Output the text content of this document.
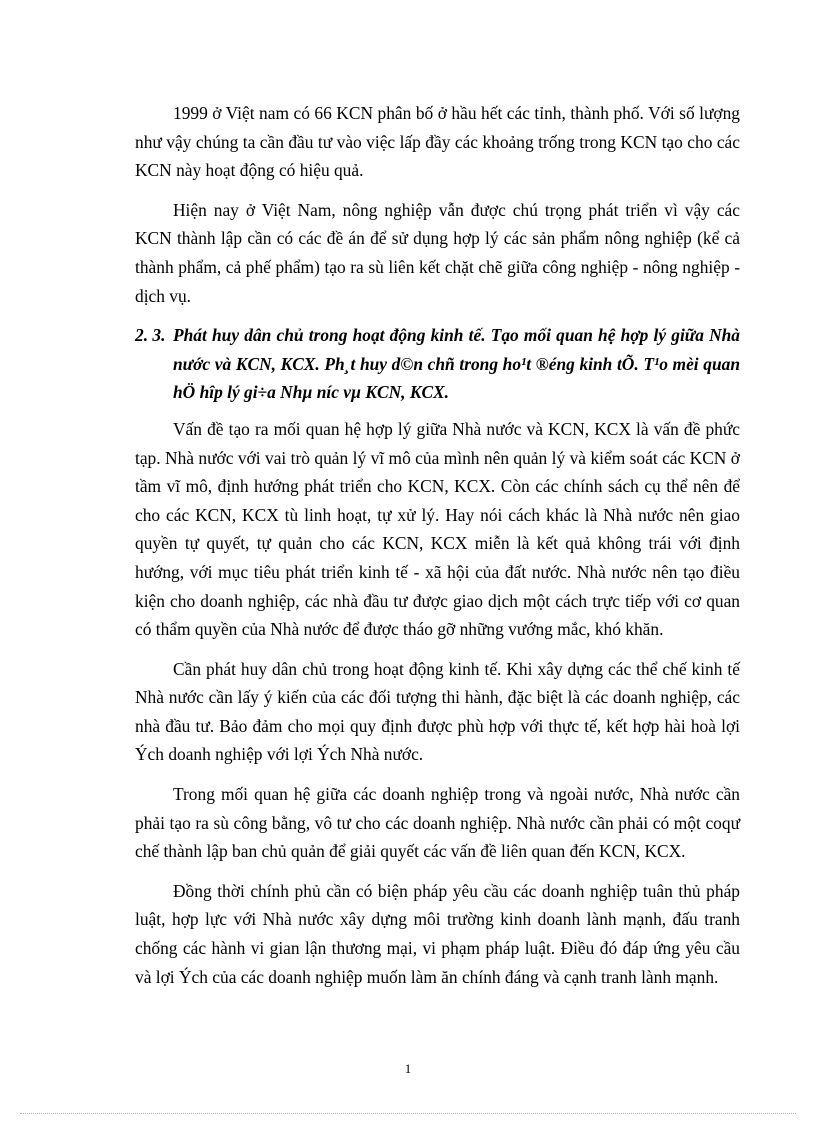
1999 ở Việt nam có 66 KCN phân bố ở hầu hết các tỉnh, thành phố. Với số lượng như vậy chúng ta cần đầu tư vào việc lấp đầy các khoảng trống trong KCN tạo cho các KCN này hoạt động có hiệu quả.

Hiện nay ở Việt Nam, nông nghiệp vẫn được chú trọng phát triển vì vậy các KCN thành lập cần có các đề án để sử dụng hợp lý các sản phẩm nông nghiệp (kể cả thành phẩm, cả phế phẩm) tạo ra sù liên kết chặt chẽ giữa công nghiệp - nông nghiệp - dịch vụ.

2. 3. Phát huy dân chủ trong hoạt động kinh tế. Tạo mối quan hệ hợp lý giữa Nhà nước và KCN, KCX. Ph¸t huy d©n chñ trong ho¹t ®éng kinh tÕ. T¹o mèi quan hÖ hîp lý gi÷a Nhµ níc vµ KCN, KCX.

Vấn đề tạo ra mối quan hệ hợp lý giữa Nhà nước và KCN, KCX là vấn đề phức tạp. Nhà nước với vai trò quản lý vĩ mô của mình nên quản lý và kiểm soát các KCN ở tầm vĩ mô, định hướng phát triển cho KCN, KCX. Còn các chính sách cụ thể nên để cho các KCN, KCX tù linh hoạt, tự xử lý. Hay nói cách khác là Nhà nước nên giao quyền tự quyết, tự quản cho các KCN, KCX miễn là kết quả không trái với định hướng, với mục tiêu phát triển kinh tế - xã hội của đất nước. Nhà nước nên tạo điều kiện cho doanh nghiệp, các nhà đầu tư được giao dịch một cách trực tiếp với cơ quan có thẩm quyền của Nhà nước để được tháo gỡ những vướng mắc, khó khăn.

Cần phát huy dân chủ trong hoạt động kinh tế. Khi xây dựng các thể chế kinh tế Nhà nước cần lấy ý kiến của các đối tượng thi hành, đặc biệt là các doanh nghiệp, các nhà đầu tư. Bảo đảm cho mọi quy định được phù hợp với thực tế, kết hợp hài hoà lợi Ých doanh nghiệp với lợi Ých Nhà nước.

Trong mối quan hệ giữa các doanh nghiệp trong và ngoài nước, Nhà nước cần phải tạo ra sù công bằng, vô tư cho các doanh nghiệp. Nhà nước cần phải có một coqư chế thành lập ban chủ quản để giải quyết các vấn đề liên quan đến KCN, KCX.

Đồng thời chính phủ cần có biện pháp yêu cầu các doanh nghiệp tuân thủ pháp luật, hợp lực với Nhà nước xây dựng môi trường kinh doanh lành mạnh, đấu tranh chống các hành vi gian lận thương mại, vi phạm pháp luật. Điều đó đáp ứng yêu cầu và lợi Ých của các doanh nghiệp muốn làm ăn chính đáng và cạnh tranh lành mạnh.

1
